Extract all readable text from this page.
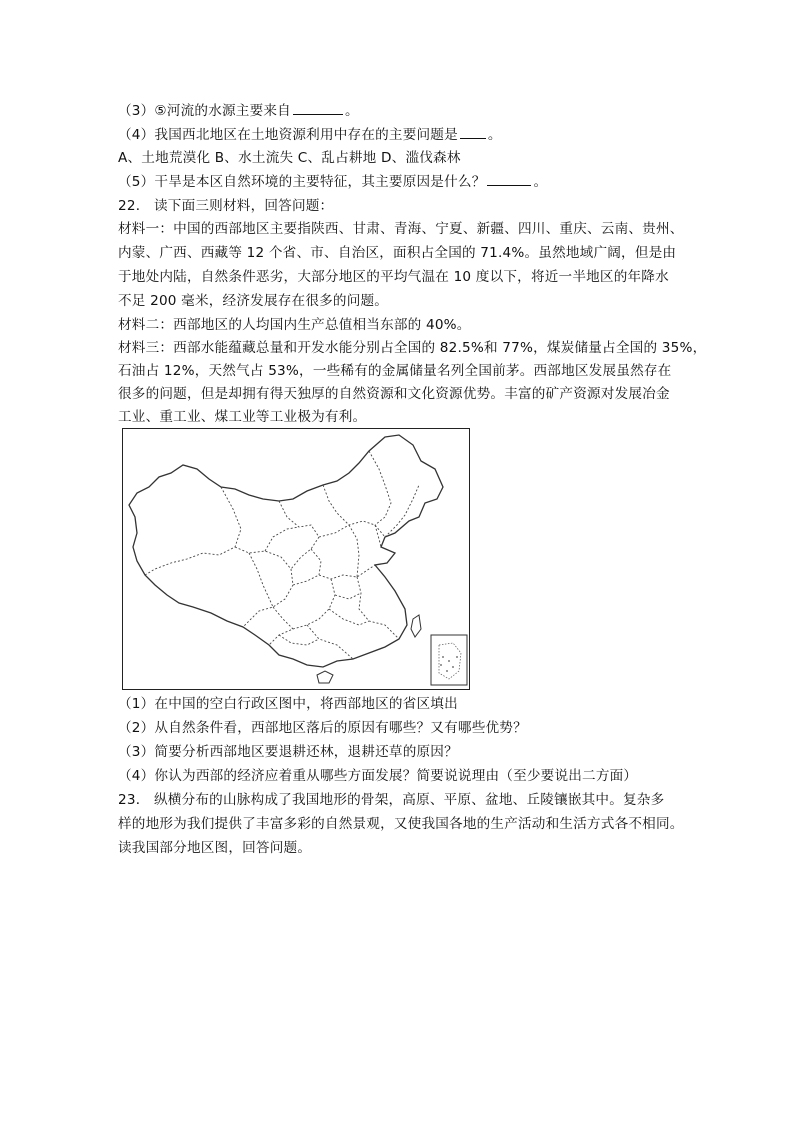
（3）⑤河流的水源主要来自	。
（4）我国西北地区在土地资源利用中存在的主要问题是 。
A、土地荒漠化 B、水土流失 C、乱占耕地 D、滥伐森林
（5）干旱是本区自然环境的主要特征，其主要原因是什么？	。
22． 读下面三则材料，回答问题：
材料一：中国的西部地区主要指陕西、甘肃、青海、宁夏、新疆、四川、重庆、云南、贵州、
内蒙、广西、西藏等 12 个省、市、自治区，面积占全国的 71.4%。虽然地域广阔，但是由
于地处内陆，自然条件恶劣，大部分地区的平均气温在 10 度以下，将近一半地区的年降水
不足 200 毫米，经济发展存在很多的问题。
材料二：西部地区的人均国内生产总值相当东部的 40%。
材料三：西部水能蕴藏总量和开发水能分别占全国的 82.5%和 77%，煤炭储量占全国的 35%，
石油占 12%，天然气占 53%，一些稀有的金属储量名列全国前茅。西部地区发展虽然存在
很多的问题，但是却拥有得天独厚的自然资源和文化资源优势。丰富的矿产资源对发展冶金
工业、重工业、煤工业等工业极为有利。
（1）在中国的空白行政区图中，将西部地区的省区填出
（2）从自然条件看，西部地区落后的原因有哪些？又有哪些优势？
（3）简要分析西部地区要退耕还林，退耕还草的原因？
（4）你认为西部的经济应着重从哪些方面发展？简要说说理由（至少要说出二方面）
23． 纵横分布的山脉构成了我国地形的骨架，高原、平原、盆地、丘陵镶嵌其中。复杂多
样的地形为我们提供了丰富多彩的自然景观，又使我国各地的生产活动和生活方式各不相同。
读我国部分地区图，回答问题。
